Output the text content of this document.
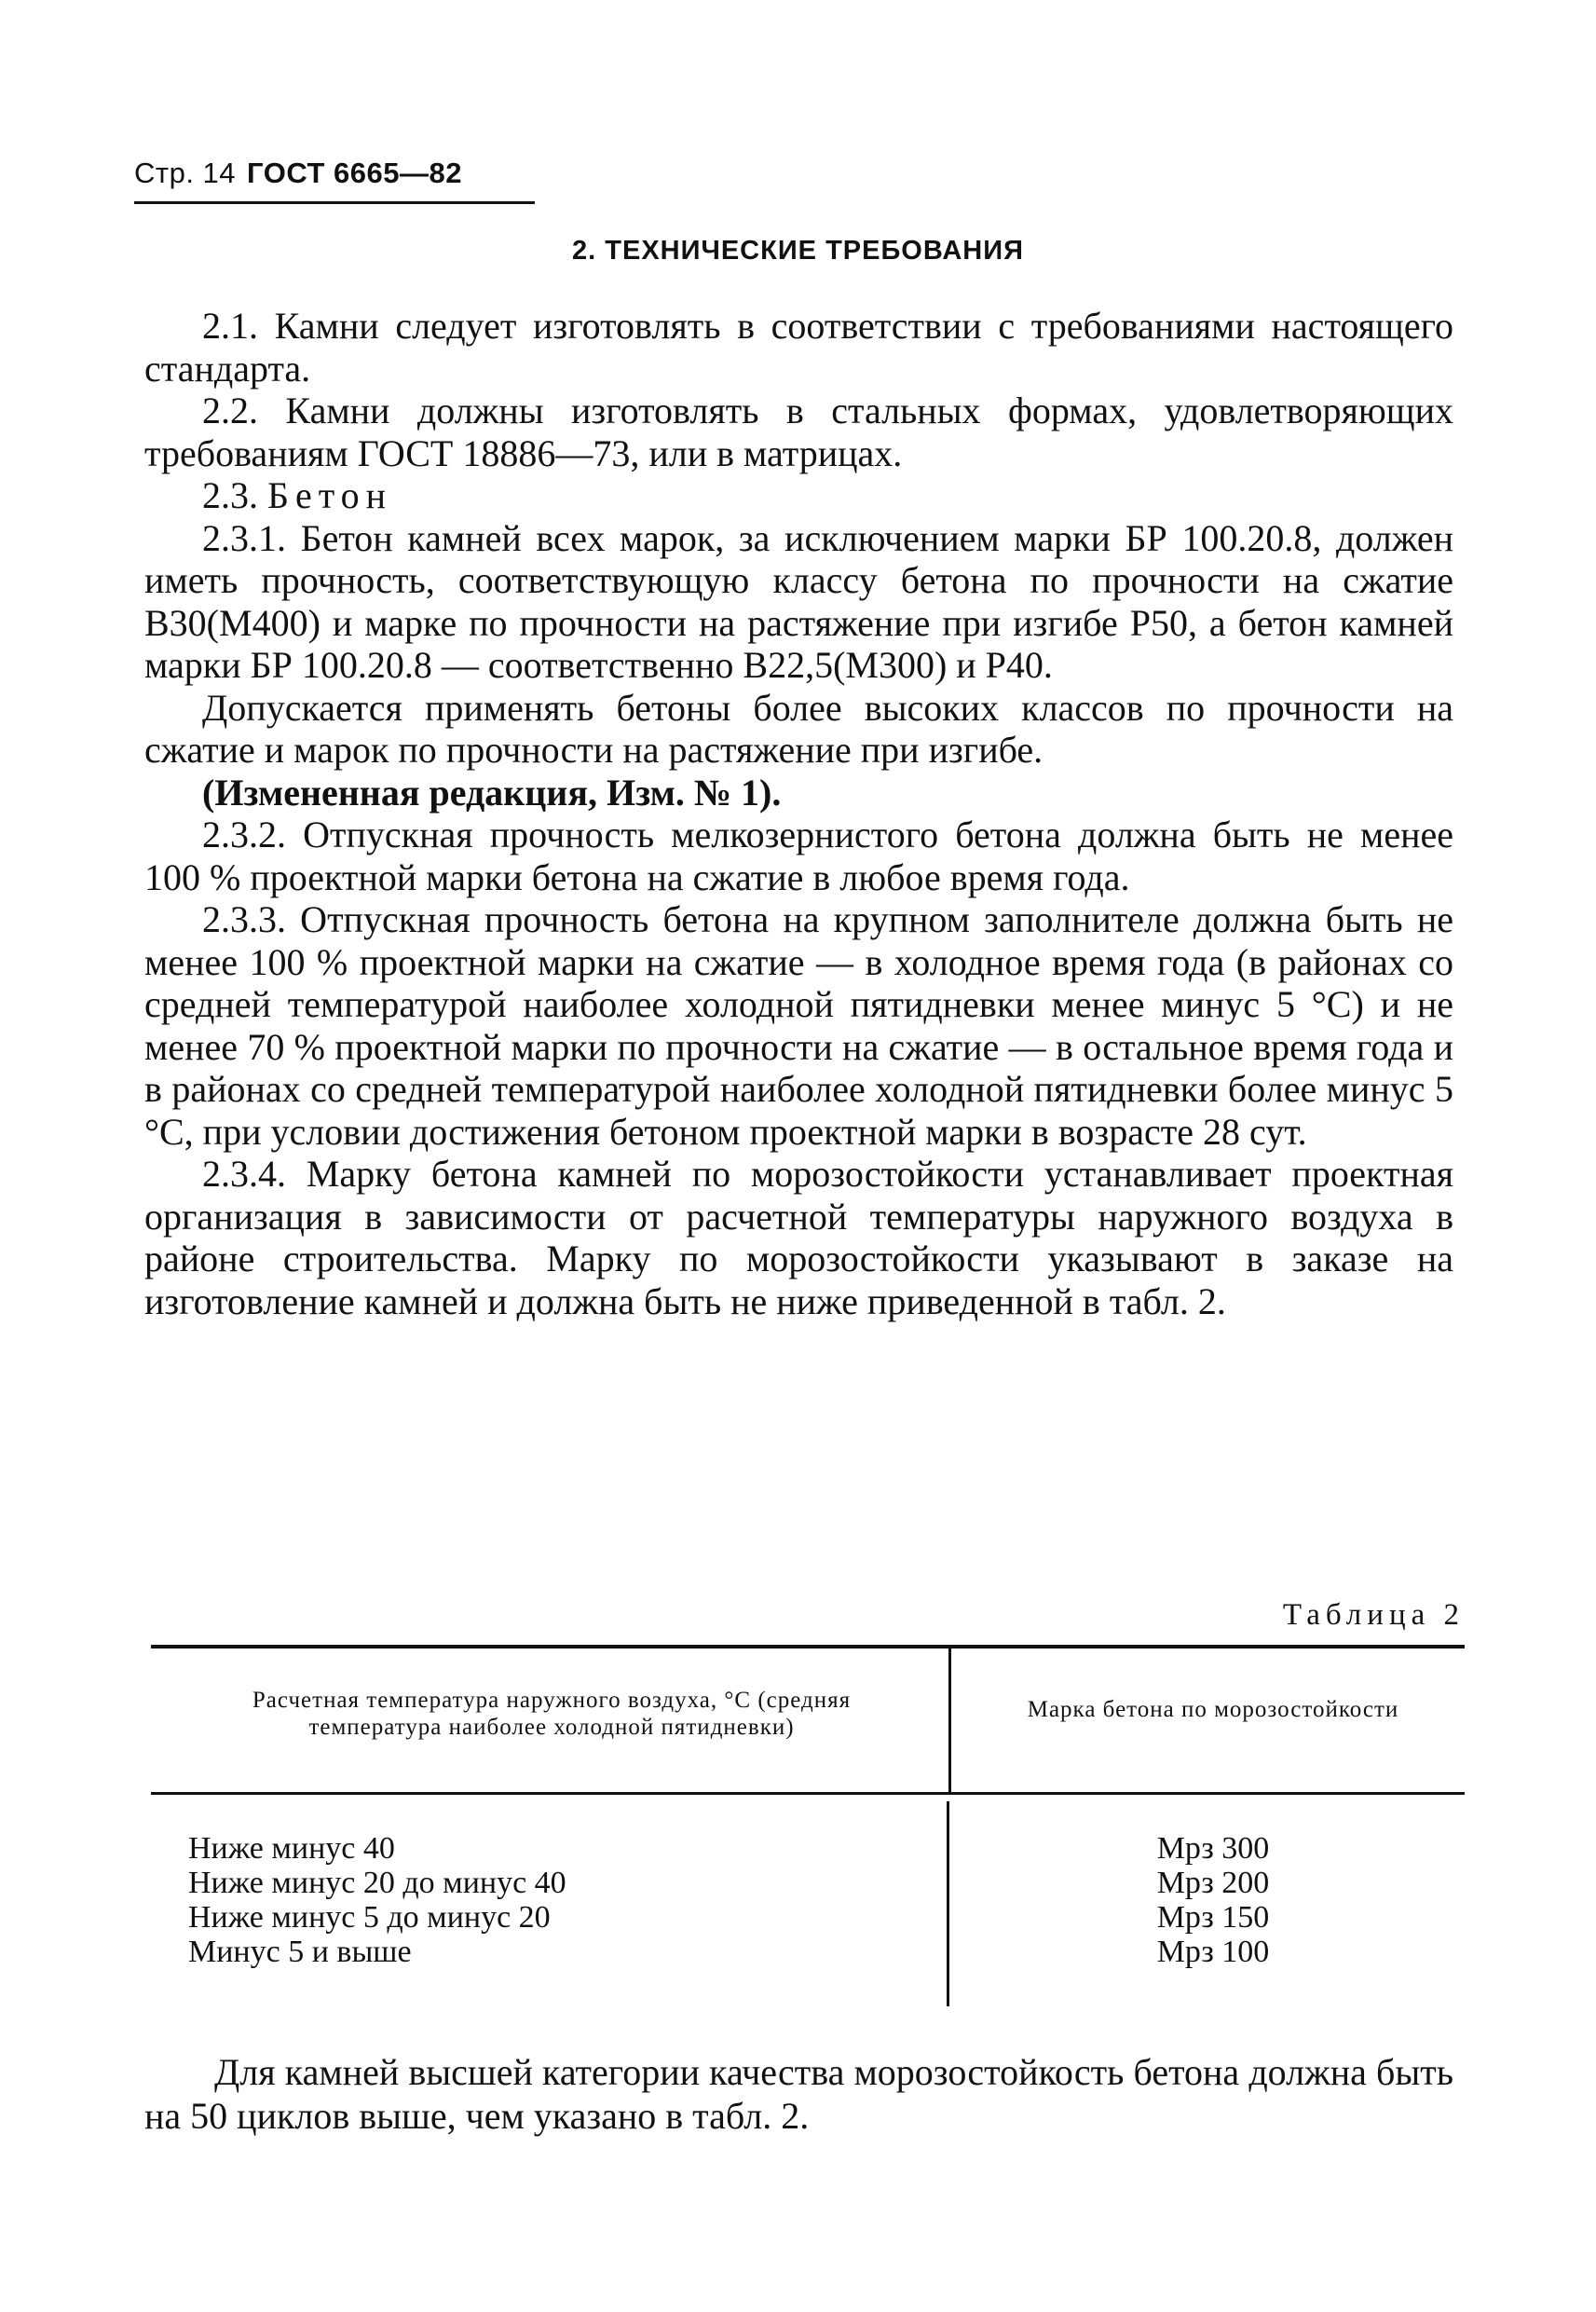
Стр. 14 ГОСТ 6665—82
2. ТЕХНИЧЕСКИЕ ТРЕБОВАНИЯ

2.1. Камни следует изготовлять в соответствии с требованиями настоящего стандарта.

2.2. Камни должны изготовлять в стальных формах, удовлетворяющих требованиям ГОСТ 18886—73, или в матрицах.

2.3. Бетон

2.3.1. Бетон камней всех марок, за исключением марки БР 100.20.8, должен иметь прочность, соответствующую классу бетона по прочности на сжатие В30(М400) и марке по прочности на растяжение при изгибе Р50, а бетон камней марки БР 100.20.8 — соответственно В22,5(М300) и Р40.

Допускается применять бетоны более высоких классов по прочности на сжатие и марок по прочности на растяжение при изгибе.

(Измененная редакция, Изм. № 1).

2.3.2. Отпускная прочность мелкозернистого бетона должна быть не менее 100 % проектной марки бетона на сжатие в любое время года.

2.3.3. Отпускная прочность бетона на крупном заполнителе должна быть не менее 100 % проектной марки на сжатие — в холодное время года (в районах со средней температурой наиболее холодной пятидневки менее минус 5 °С) и не менее 70 % проектной марки по прочности на сжатие — в остальное время года и в районах со средней температурой наиболее холодной пятидневки более минус 5 °С, при условии достижения бетоном проектной марки в возрасте 28 сут.

2.3.4. Марку бетона камней по морозостойкости устанавливает проектная организация в зависимости от расчетной температуры наружного воздуха в районе строительства. Марку по морозостойкости указывают в заказе на изготовление камней и должна быть не ниже приведенной в табл. 2.

Таблица 2
Расчетная температура наружного воздуха, °С (средняя температура наиболее холодной пятидневки)
Марка бетона по морозостойкости
Ниже минус 40
Ниже минус 20 до минус 40
Ниже минус 5 до минус 20
Минус 5 и выше
Мрз 300
Мрз 200
Мрз 150
Мрз 100

Для камней высшей категории качества морозостойкость бетона должна быть на 50 циклов выше, чем указано в табл. 2.
